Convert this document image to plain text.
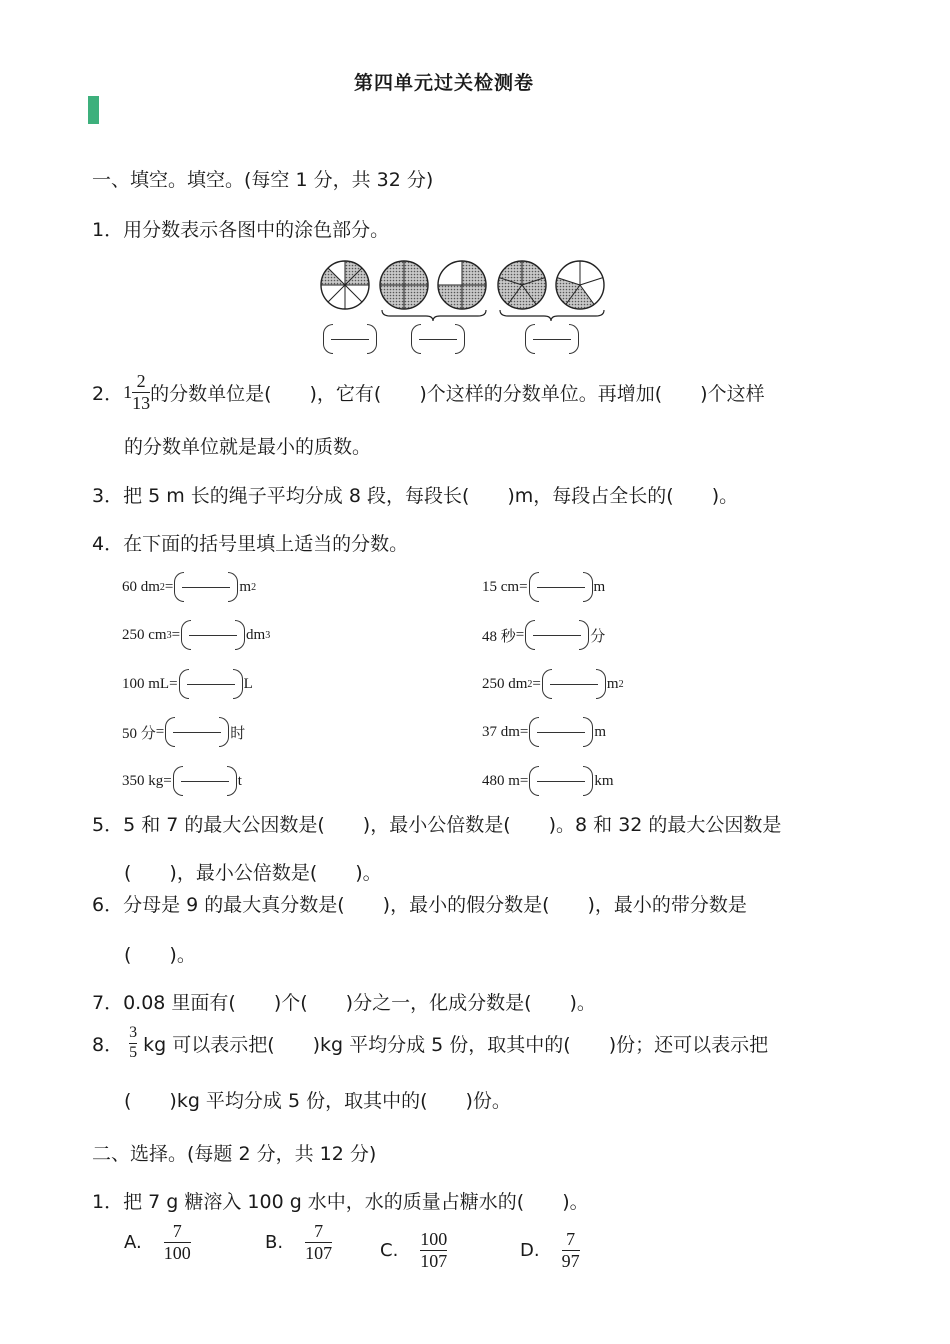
第四单元过关检测卷
一、填空。填空。(每空 1 分，共 32 分)
1．用分数表示各图中的涂色部分。
2． $1 \frac{2}{13}$ 的分数单位是(　　)，它有(　　)个这样的分数单位。再增加(　　)个这样
的分数单位就是最小的质数。
3．把 5 m 长的绳子平均分成 8 段，每段长(　　)m，每段占全长的(　　)。
4．在下面的括号里填上适当的分数。
60 dm 2 =	m 2
250 cm 3 =	dm 3
100 mL =	L
50 分 =	时
350 kg =	t
15 cm =	m
48 秒 =	分
250 dm 2 =	m 2
37 dm =	m
480 m =	km
5．5 和 7 的最大公因数是(　　)，最小公倍数是(　　)。8 和 32 的最大公因数是
(　　)，最小公倍数是(　　)。
6．分母是 9 的最大真分数是(　　)，最小的假分数是(　　)，最小的带分数是
(　　)。
7．0.08 里面有(　　)个(　　)分之一，化成分数是(　　)。
8． $\frac{3}{5}$ kg 可以表示把(　　)kg 平均分成 5 份，取其中的(　　)份；还可以表示把
(　　)kg 平均分成 5 份，取其中的(　　)份。
二、选择。(每题 2 分，共 12 分)
1．把 7 g 糖溶入 100 g 水中，水的质量占糖水的(　　)。
A. $\frac{7}{100}$	B. $\frac{7}{107}$	C. $\frac{100}{107}$	D. $\frac{7}{97}$
